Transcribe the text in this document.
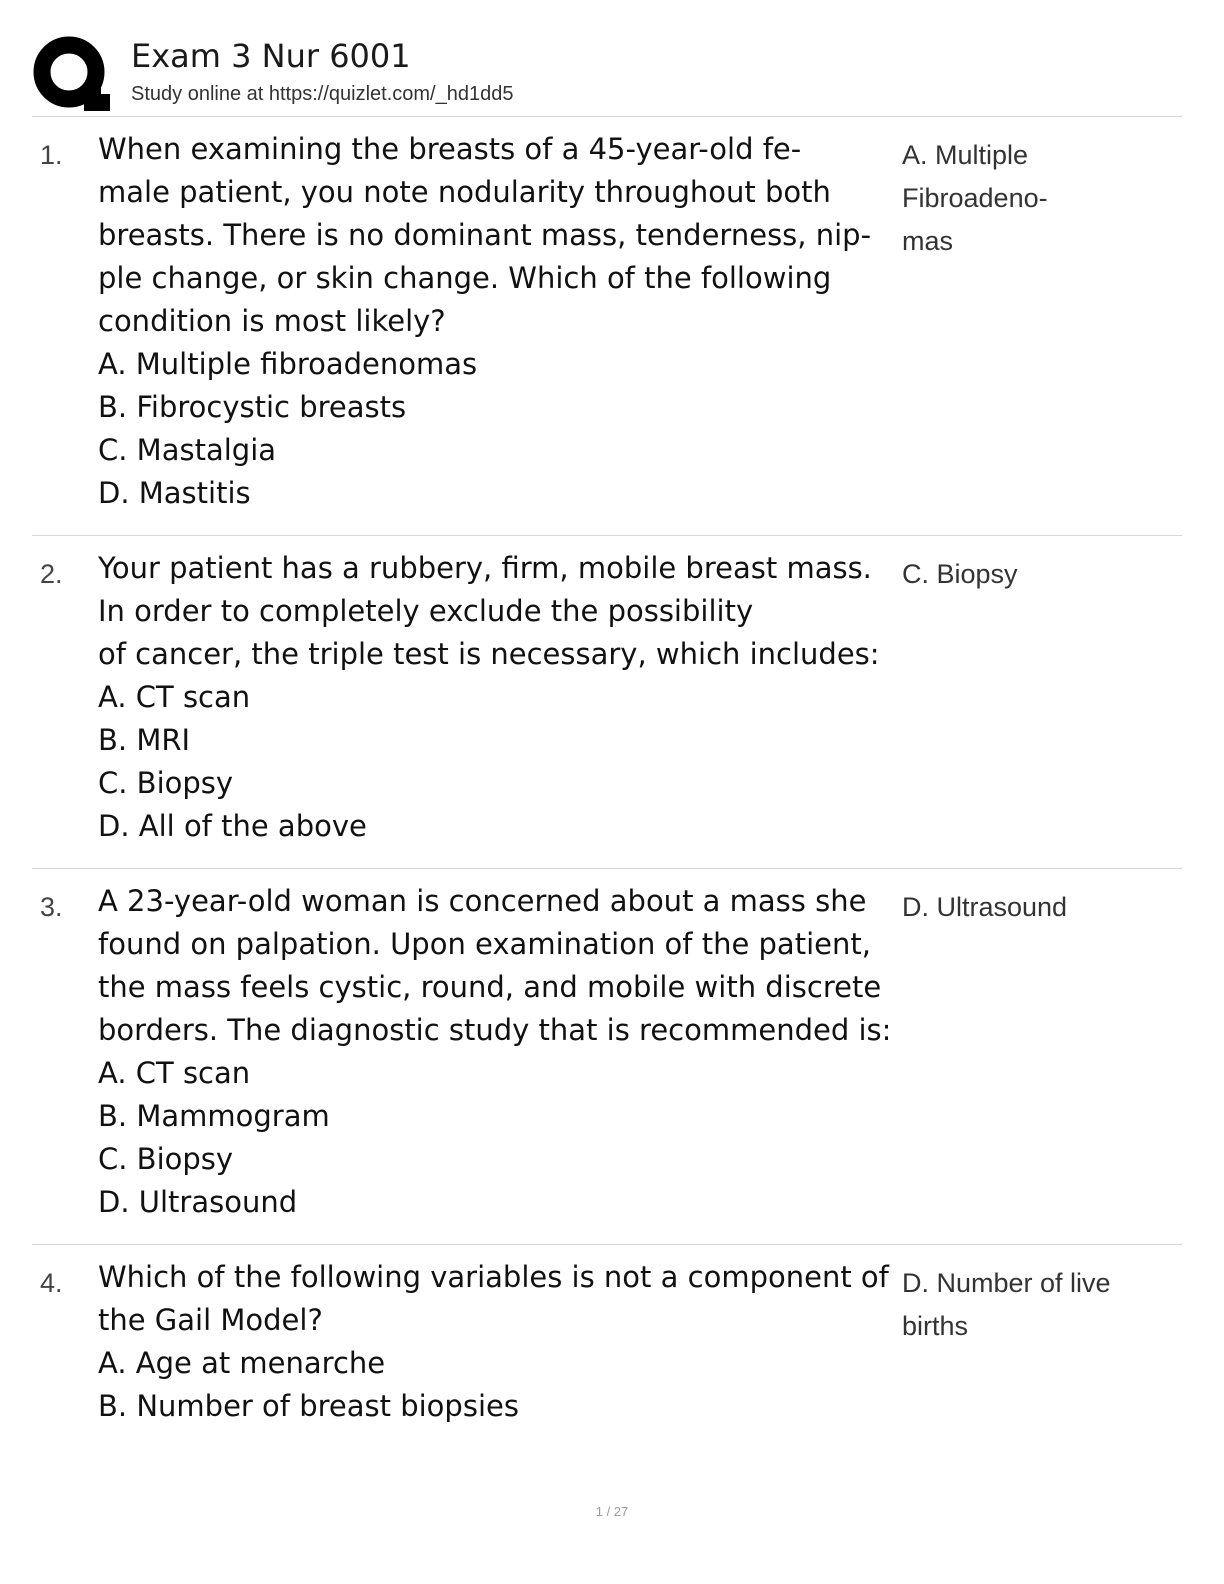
Exam 3 Nur 6001
Study online at https://quizlet.com/_hd1dd5
1. When examining the breasts of a 45-year-old fe-
male patient, you note nodularity throughout both
breasts. There is no dominant mass, tenderness, nip-
ple change, or skin change. Which of the following
condition is most likely?
A. Multiple fibroadenomas
B. Fibrocystic breasts
C. Mastalgia
D. Mastitis
A. Multiple Fibroadeno-
mas
2. Your patient has a rubbery, firm, mobile breast mass.
In order to completely exclude the possibility
of cancer, the triple test is necessary, which includes:
A. CT scan
B. MRI
C. Biopsy
D. All of the above
C. Biopsy
3. A 23-year-old woman is concerned about a mass she
found on palpation. Upon examination of the patient,
the mass feels cystic, round, and mobile with discrete
borders. The diagnostic study that is recommended is:
A. CT scan
B. Mammogram
C. Biopsy
D. Ultrasound
D. Ultrasound
4. Which of the following variables is not a component of
the Gail Model?
A. Age at menarche
B. Number of breast biopsies
D. Number of live births
1 / 27
